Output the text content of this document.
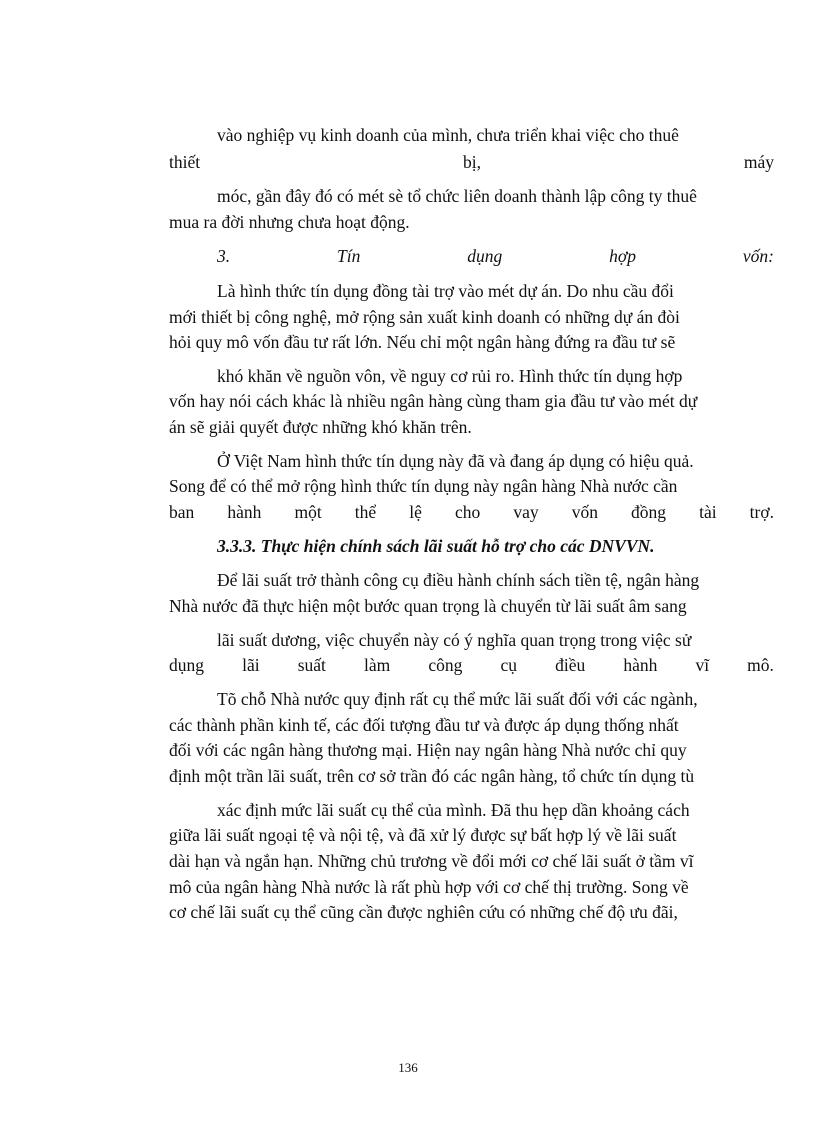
vào nghiệp vụ kinh doanh của mình, chưa triển khai việc cho thuê
thiết	bị,	máy
móc, gần đây đó có mét sè tổ chức liên doanh thành lập công ty thuê
mua ra đời nhưng chưa hoạt động.
3.	Tín	dụng	hợp	vốn:
Là hình thức tín dụng đồng tài trợ vào mét dự án. Do nhu cầu đổi
mới thiết bị công nghệ, mở rộng sản xuất kinh doanh có những dự án đòi
hỏi quy mô vốn đầu tư rất lớn. Nếu chỉ một ngân hàng đứng ra đầu tư sẽ
khó khăn về nguồn vôn, về nguy cơ rủi ro. Hình thức tín dụng hợp
vốn hay nói cách khác là nhiều ngân hàng cùng tham gia đầu tư vào mét dự
án sẽ giải quyết được những khó khăn trên.
Ở Việt Nam hình thức tín dụng này đã và đang áp dụng có hiệu quả.
Song để có thể mở rộng hình thức tín dụng này ngân hàng Nhà nước cần
ban hành một thể lệ cho vay vốn đồng tài trợ.
3.3.3. Thực hiện chính sách lãi suất hỗ trợ cho các DNVVN.
Để lãi suất trở thành công cụ điều hành chính sách tiền tệ, ngân hàng
Nhà nước đã thực hiện một bước quan trọng là chuyển từ lãi suất âm sang
lãi suất dương, việc chuyển này có ý nghĩa quan trọng trong việc sử
dụng lãi suất làm công cụ điều hành vĩ mô.
Tõ chỗ Nhà nước quy định rất cụ thể mức lãi suất đối với các ngành,
các thành phần kinh tế, các đối tượng đầu tư và được áp dụng thống nhất
đối với các ngân hàng thương mại. Hiện nay ngân hàng Nhà nước chỉ quy
định một trần lãi suất, trên cơ sở trần đó các ngân hàng, tổ chức tín dụng tù
xác định mức lãi suất cụ thể của mình. Đã thu hẹp dần khoảng cách
giữa lãi suất ngoại tệ và nội tệ, và đã xử lý được sự bất hợp lý về lãi suất
dài hạn và ngắn hạn. Những chủ trương về đổi mới cơ chế lãi suất ở tầm vĩ
mô của ngân hàng Nhà nước là rất phù hợp với cơ chế thị trường. Song về
cơ chế lãi suất cụ thể cũng cần được nghiên cứu có những chế độ ưu đãi,
136
